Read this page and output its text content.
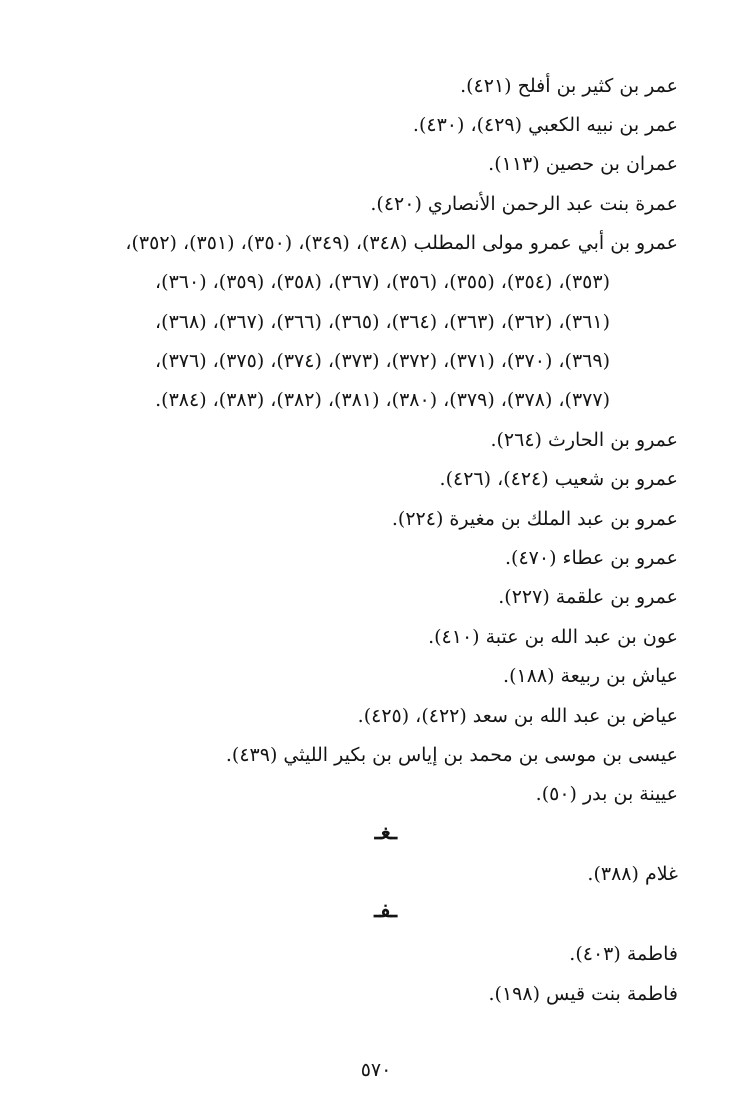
عمر بن كثير بن أفلح (٤٢١).
عمر بن نبيه الكعبي (٤٢٩)، (٤٣٠).
عمران بن حصين (١١٣).
عمرة بنت عبد الرحمن الأنصاري (٤٢٠).
عمرو بن أبي عمرو مولى المطلب (٣٤٨)، (٣٤٩)، (٣٥٠)، (٣٥١)، (٣٥٢)،
(٣٥٣)، (٣٥٤)، (٣٥٥)، (٣٥٦)، (٣٦٧)، (٣٥٨)، (٣٥٩)، (٣٦٠)،
(٣٦١)، (٣٦٢)، (٣٦٣)، (٣٦٤)، (٣٦٥)، (٣٦٦)، (٣٦٧)، (٣٦٨)،
(٣٦٩)، (٣٧٠)، (٣٧١)، (٣٧٢)، (٣٧٣)، (٣٧٤)، (٣٧٥)، (٣٧٦)،
(٣٧٧)، (٣٧٨)، (٣٧٩)، (٣٨٠)، (٣٨١)، (٣٨٢)، (٣٨٣)، (٣٨٤).
عمرو بن الحارث (٢٦٤).
عمرو بن شعيب (٤٢٤)، (٤٢٦).
عمرو بن عبد الملك بن مغيرة (٢٢٤).
عمرو بن عطاء (٤٧٠).
عمرو بن علقمة (٢٢٧).
عون بن عبد الله بن عتبة (٤١٠).
عياش بن ربيعة (١٨٨).
عياض بن عبد الله بن سعد (٤٢٢)، (٤٢٥).
عيسى بن موسى بن محمد بن إياس بن بكير الليثي (٤٣٩).
عيينة بن بدر (٥٠).
ـغـ
غلام (٣٨٨).
ـفـ
فاطمة (٤٠٣).
فاطمة بنت قيس (١٩٨).
٥٧٠
